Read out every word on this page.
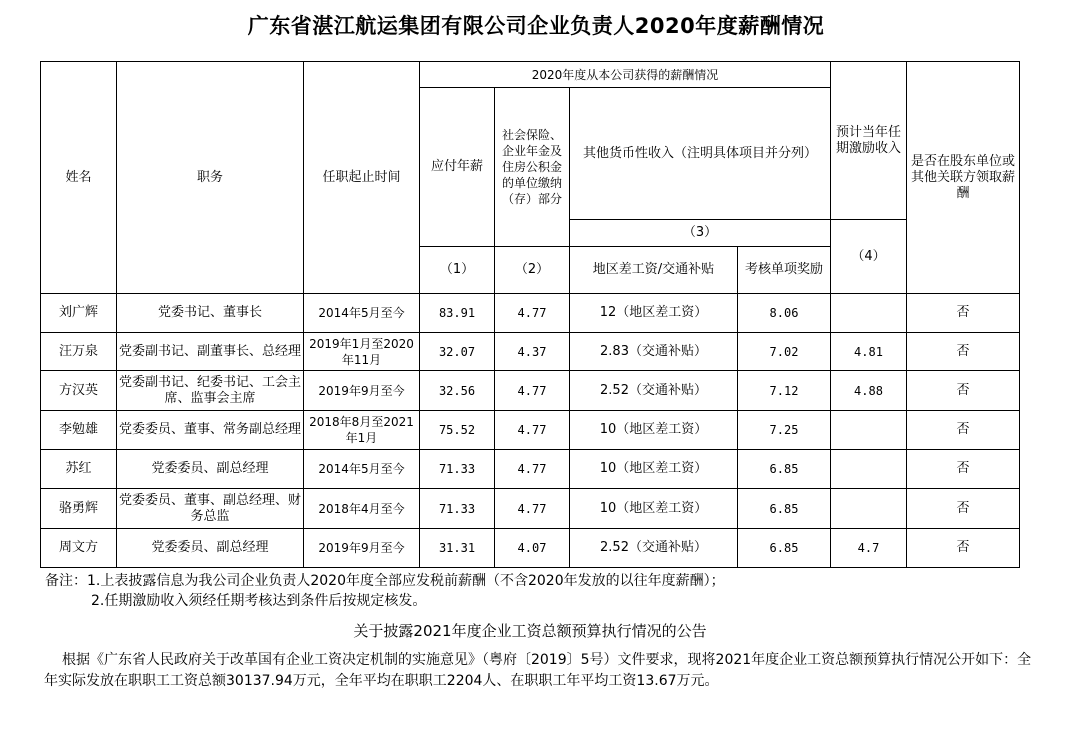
广东省湛江航运集团有限公司企业负责人2020年度薪酬情况
姓名	职务	任职起止时间	2020年度从本公司获得的薪酬情况				预计当年任期激励收入	是否在股东单位或其他关联方领取薪酬
			应付年薪	社会保险、企业年金及住房公积金的单位缴纳（存）部分	其他货币性收入（注明具体项目并分列）			
					（3）		（4）	
			（1）	（2）	地区差工资/交通补贴	考核单项奖励		
刘广辉	党委书记、董事长	2014年5月至今	83.91	4.77	12（地区差工资）	8.06		否
汪万泉	党委副书记、副董事长、总经理	2019年1月至2020年11月	32.07	4.37	2.83（交通补贴）	7.02	4.81	否
方汉英	党委副书记、纪委书记、工会主席、监事会主席	2019年9月至今	32.56	4.77	2.52（交通补贴）	7.12	4.88	否
李勉雄	党委委员、董事、常务副总经理	2018年8月至2021年1月	75.52	4.77	10（地区差工资）	7.25		否
苏红	党委委员、副总经理	2014年5月至今	71.33	4.77	10（地区差工资）	6.85		否
骆勇辉	党委委员、董事、副总经理、财务总监	2018年4月至今	71.33	4.77	10（地区差工资）	6.85		否
周文方	党委委员、副总经理	2019年9月至今	31.31	4.07	2.52（交通补贴）	6.85	4.7	否
备注：1.上表披露信息为我公司企业负责人2020年度全部应发税前薪酬（不含2020年发放的以往年度薪酬）；
2.任期激励收入须经任期考核达到条件后按规定核发。
关于披露2021年度企业工资总额预算执行情况的公告
根据《广东省人民政府关于改革国有企业工资决定机制的实施意见》（粤府〔2019〕5号）文件要求，现将2021年度企业工资总额预算执行情况公开如下：全年实际发放在职职工工资总额30137.94万元，全年平均在职职工2204人、在职职工年平均工资13.67万元。
